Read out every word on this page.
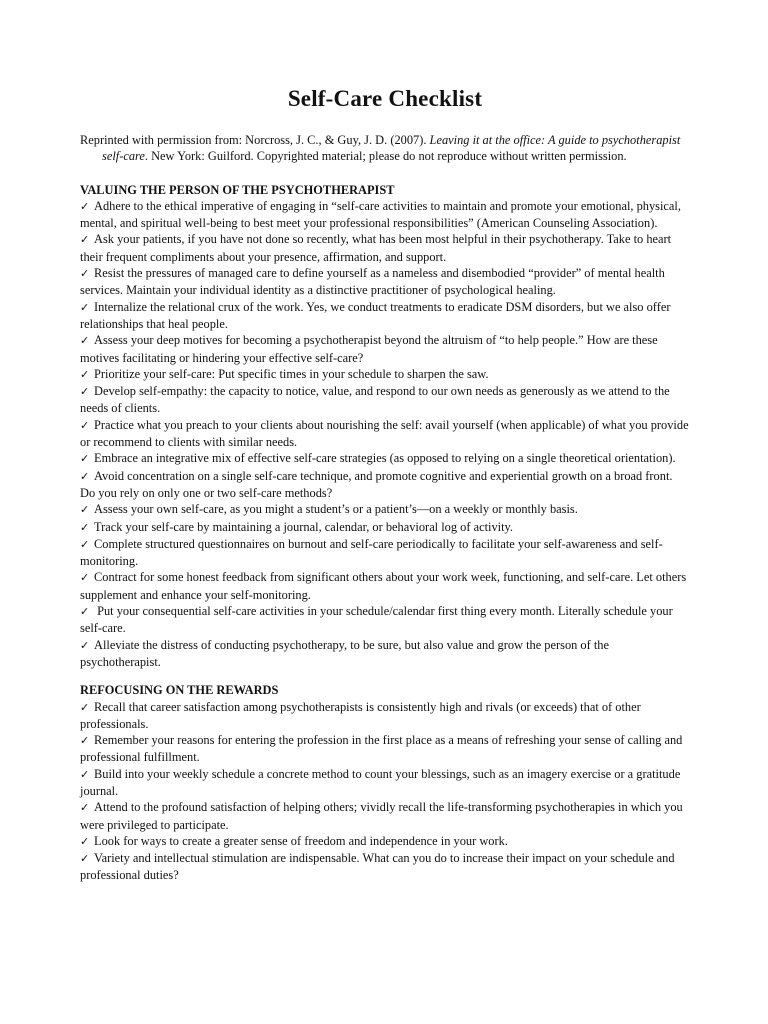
Self-Care Checklist

Reprinted with permission from: Norcross, J. C., & Guy, J. D. (2007). Leaving it at the office: A guide to psychotherapist self-care. New York: Guilford. Copyrighted material; please do not reproduce without written permission.

VALUING THE PERSON OF THE PSYCHOTHERAPIST
✓ Adhere to the ethical imperative of engaging in “self-care activities to maintain and promote your emotional, physical, mental, and spiritual well-being to best meet your professional responsibilities” (American Counseling Association).
✓ Ask your patients, if you have not done so recently, what has been most helpful in their psychotherapy. Take to heart their frequent compliments about your presence, affirmation, and support.
✓ Resist the pressures of managed care to define yourself as a nameless and disembodied “provider” of mental health services. Maintain your individual identity as a distinctive practitioner of psychological healing.
✓ Internalize the relational crux of the work. Yes, we conduct treatments to eradicate DSM disorders, but we also offer relationships that heal people.
✓ Assess your deep motives for becoming a psychotherapist beyond the altruism of “to help people.” How are these motives facilitating or hindering your effective self-care?
✓ Prioritize your self-care: Put specific times in your schedule to sharpen the saw.
✓ Develop self-empathy: the capacity to notice, value, and respond to our own needs as generously as we attend to the needs of clients.
✓ Practice what you preach to your clients about nourishing the self: avail yourself (when applicable) of what you provide or recommend to clients with similar needs.
✓ Embrace an integrative mix of effective self-care strategies (as opposed to relying on a single theoretical orientation).
✓ Avoid concentration on a single self-care technique, and promote cognitive and experiential growth on a broad front. Do you rely on only one or two self-care methods?
✓ Assess your own self-care, as you might a student’s or a patient’s—on a weekly or monthly basis.
✓ Track your self-care by maintaining a journal, calendar, or behavioral log of activity.
✓ Complete structured questionnaires on burnout and self-care periodically to facilitate your self-awareness and self-monitoring.
✓ Contract for some honest feedback from significant others about your work week, functioning, and self-care. Let others supplement and enhance your self-monitoring.
✓ Put your consequential self-care activities in your schedule/calendar first thing every month. Literally schedule your self-care.
✓ Alleviate the distress of conducting psychotherapy, to be sure, but also value and grow the person of the psychotherapist.
REFOCUSING ON THE REWARDS
✓ Recall that career satisfaction among psychotherapists is consistently high and rivals (or exceeds) that of other professionals.
✓ Remember your reasons for entering the profession in the first place as a means of refreshing your sense of calling and professional fulfillment.
✓ Build into your weekly schedule a concrete method to count your blessings, such as an imagery exercise or a gratitude journal.
✓ Attend to the profound satisfaction of helping others; vividly recall the life-transforming psychotherapies in which you were privileged to participate.
✓ Look for ways to create a greater sense of freedom and independence in your work.
✓ Variety and intellectual stimulation are indispensable. What can you do to increase their impact on your schedule and professional duties?
